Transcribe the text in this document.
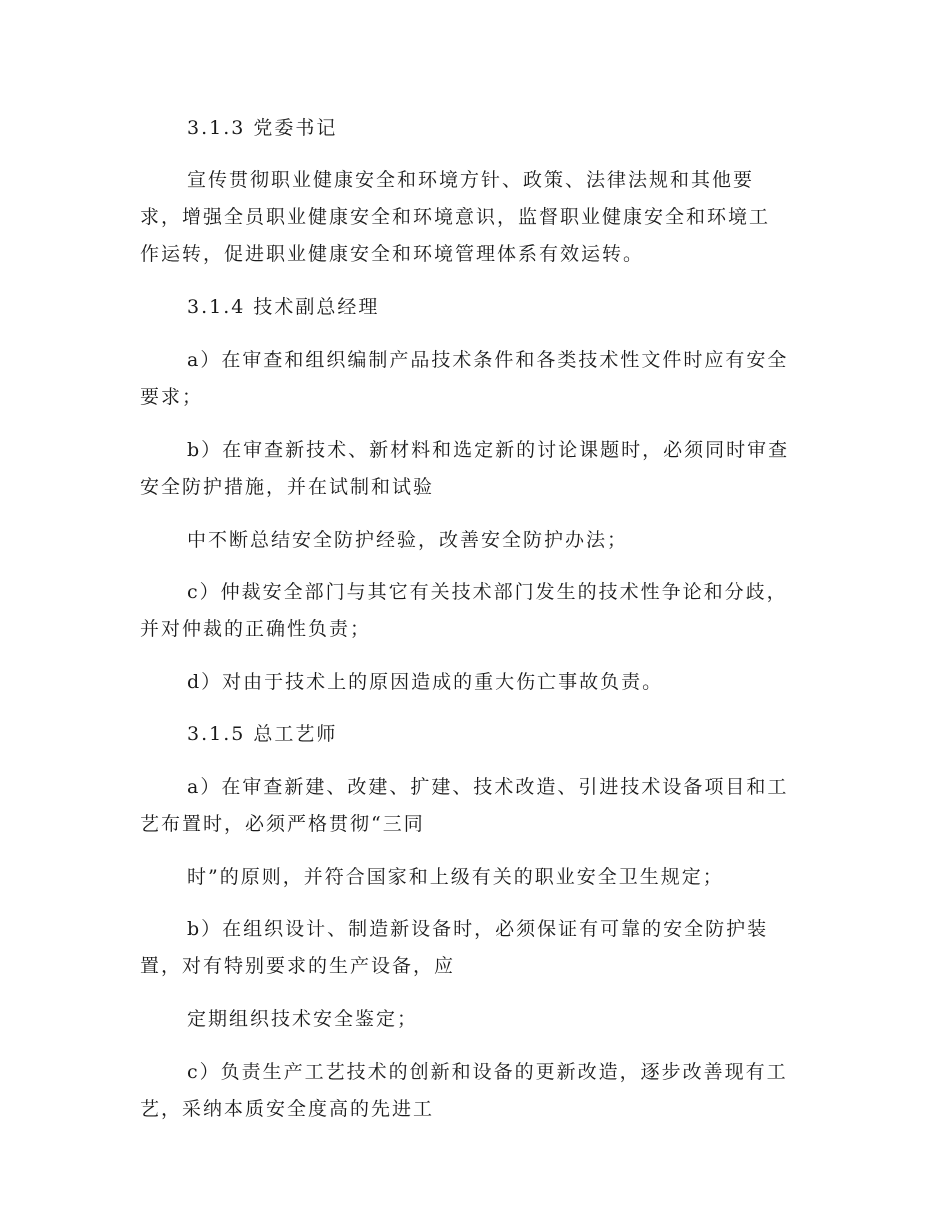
3.1.3 党委书记
宣传贯彻职业健康安全和环境方针、政策、法律法规和其他要
求，增强全员职业健康安全和环境意识，监督职业健康安全和环境工
作运转，促进职业健康安全和环境管理体系有效运转。
3.1.4 技术副总经理
a）在审查和组织编制产品技术条件和各类技术性文件时应有安全
要求；
b）在审查新技术、新材料和选定新的讨论课题时，必须同时审查
安全防护措施，并在试制和试验
中不断总结安全防护经验，改善安全防护办法；
c）仲裁安全部门与其它有关技术部门发生的技术性争论和分歧，
并对仲裁的正确性负责；
d）对由于技术上的原因造成的重大伤亡事故负责。
3.1.5 总工艺师
a）在审查新建、改建、扩建、技术改造、引进技术设备项目和工
艺布置时，必须严格贯彻“三同
时”的原则，并符合国家和上级有关的职业安全卫生规定；
b）在组织设计、制造新设备时，必须保证有可靠的安全防护装
置，对有特别要求的生产设备，应
定期组织技术安全鉴定；
c）负责生产工艺技术的创新和设备的更新改造，逐步改善现有工
艺，采纳本质安全度高的先进工
